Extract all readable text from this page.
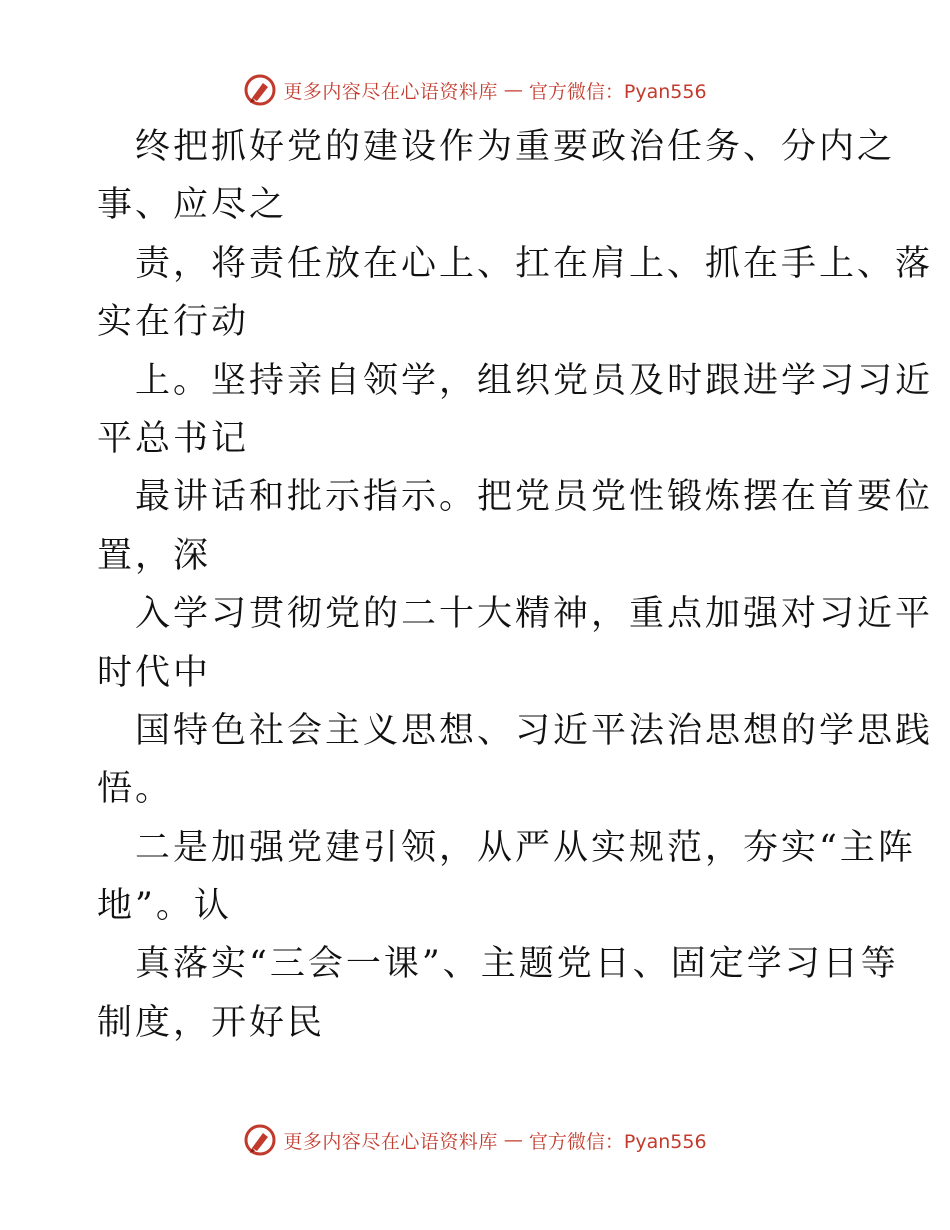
更多内容尽在心语资料库 — 官方微信：Pyan556
终把抓好党的建设作为重要政治任务、分内之
事、应尽之
责，将责任放在心上、扛在肩上、抓在手上、落
实在行动
上。坚持亲自领学，组织党员及时跟进学习习近
平总书记
最讲话和批示指示。把党员党性锻炼摆在首要位
置，深
入学习贯彻党的二十大精神，重点加强对习近平
时代中
国特色社会主义思想、习近平法治思想的学思践
悟。
二是加强党建引领，从严从实规范，夯实“主阵
地”。认
真落实“三会一课”、主题党日、固定学习日等
制度，开好民
更多内容尽在心语资料库 — 官方微信：Pyan556
